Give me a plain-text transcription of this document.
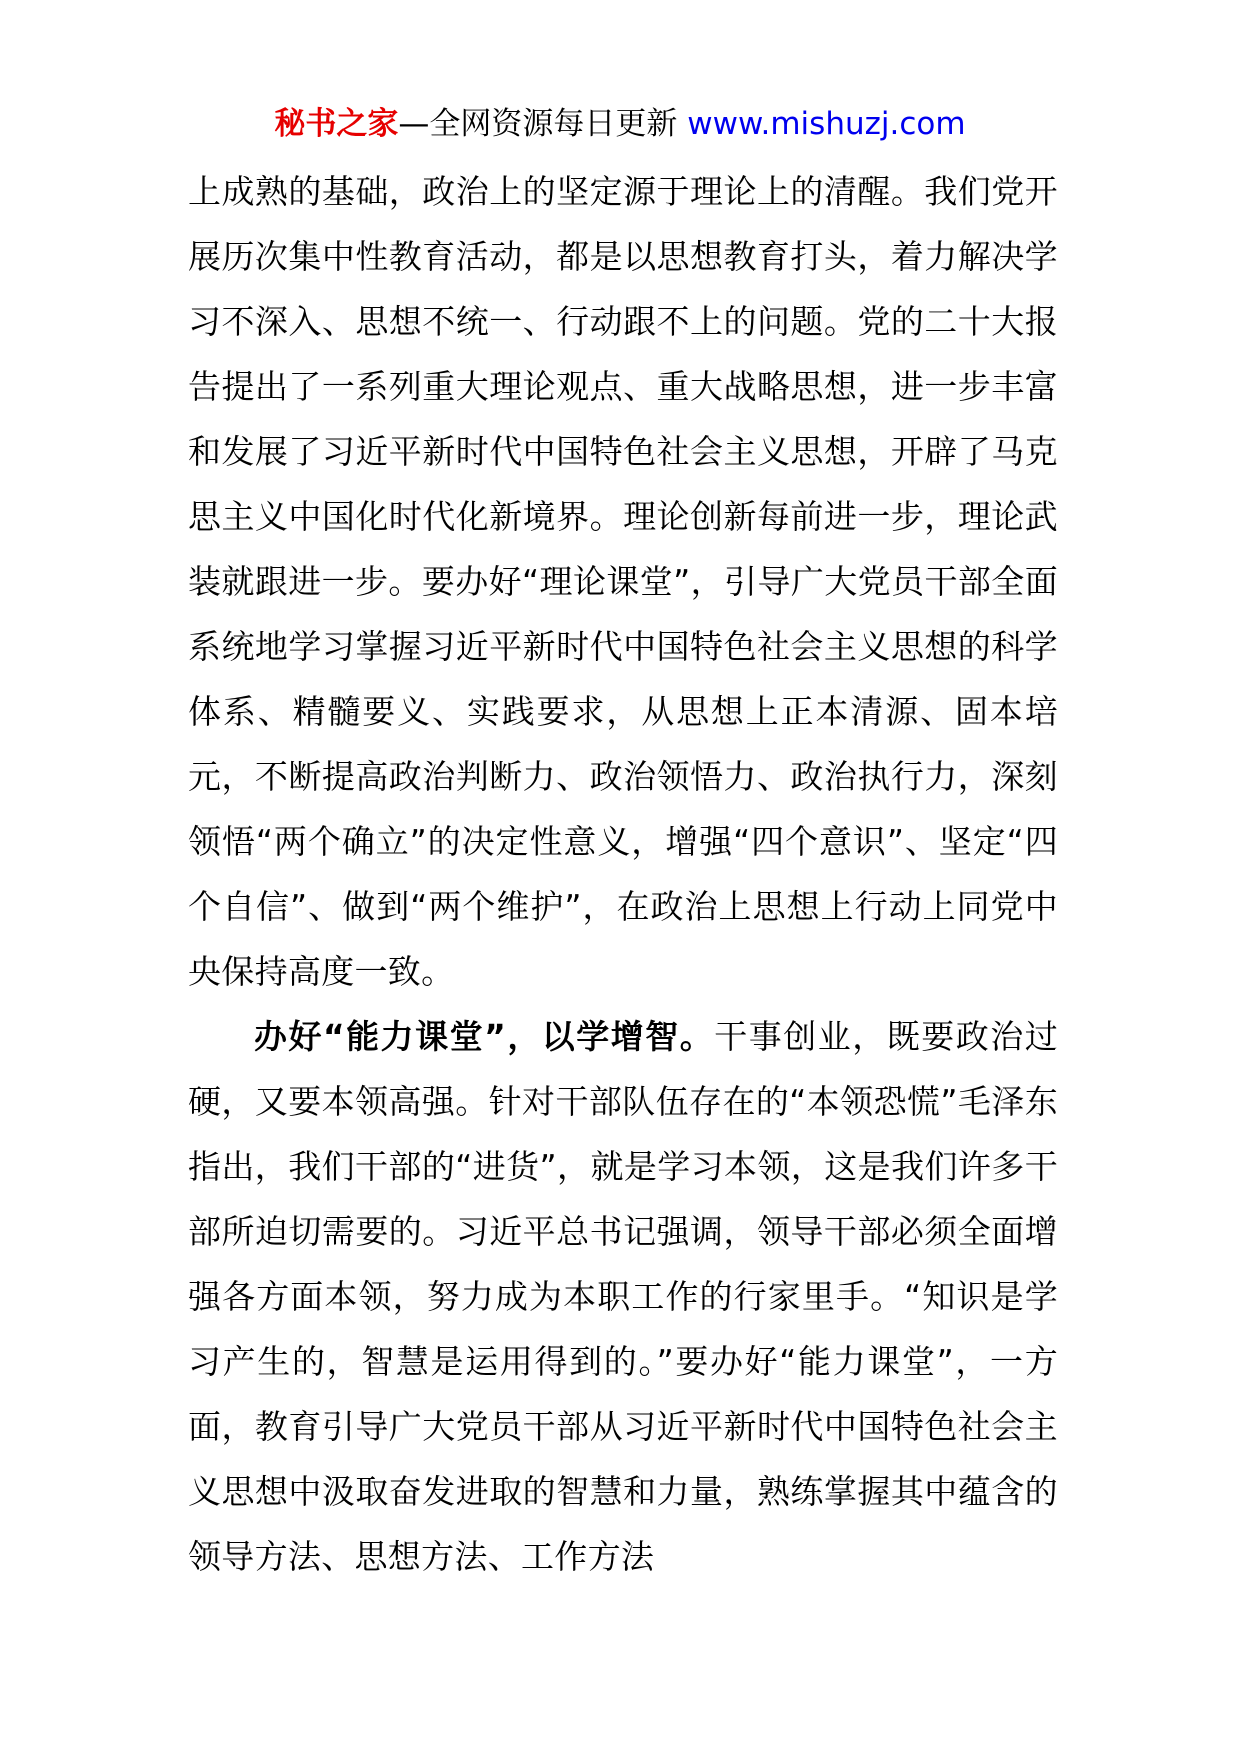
秘书之家—全网资源每日更新 www.mishuzj.com

上成熟的基础，政治上的坚定源于理论上的清醒。我们党开展历次集中性教育活动，都是以思想教育打头，着力解决学习不深入、思想不统一、行动跟不上的问题。党的二十大报告提出了一系列重大理论观点、重大战略思想，进一步丰富和发展了习近平新时代中国特色社会主义思想，开辟了马克思主义中国化时代化新境界。理论创新每前进一步，理论武装就跟进一步。要办好“理论课堂”，引导广大党员干部全面系统地学习掌握习近平新时代中国特色社会主义思想的科学体系、精髓要义、实践要求，从思想上正本清源、固本培元，不断提高政治判断力、政治领悟力、政治执行力，深刻领悟“两个确立”的决定性意义，增强“四个意识”、坚定“四个自信”、做到“两个维护”，在政治上思想上行动上同党中央保持高度一致。

办好“能力课堂”，以学增智。干事创业，既要政治过硬，又要本领高强。针对干部队伍存在的“本领恐慌”毛泽东指出，我们干部的“进货”，就是学习本领，这是我们许多干部所迫切需要的。习近平总书记强调，领导干部必须全面增强各方面本领，努力成为本职工作的行家里手。“知识是学习产生的，智慧是运用得到的。”要办好“能力课堂”，一方面，教育引导广大党员干部从习近平新时代中国特色社会主义思想中汲取奋发进取的智慧和力量，熟练掌握其中蕴含的领导方法、思想方法、工作方法
